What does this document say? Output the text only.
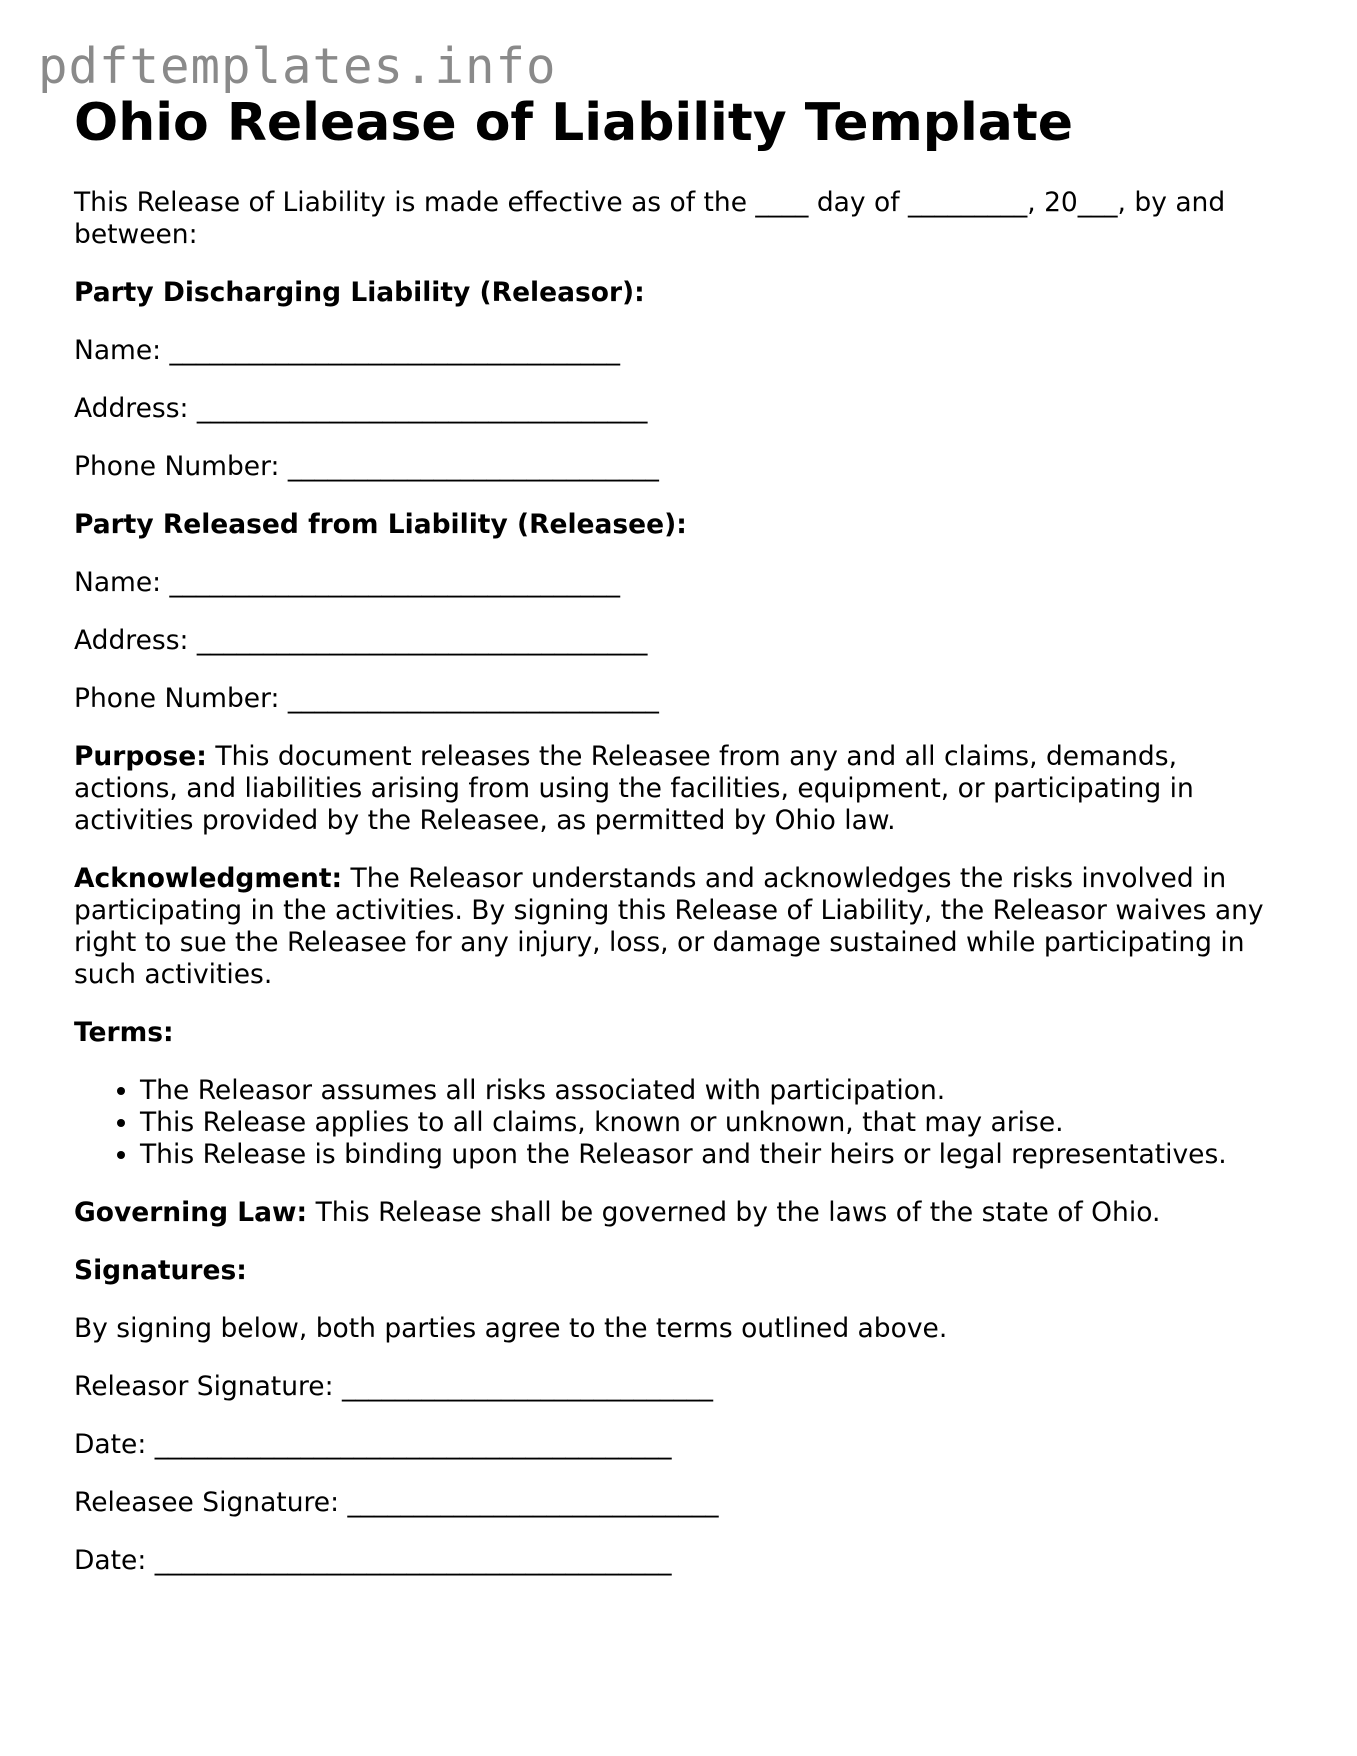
pdftemplates.info
Ohio Release of Liability Template

This Release of Liability is made effective as of the ____ day of _________, 20___, by and between:

Party Discharging Liability (Releasor):

Name: __________________________________

Address: __________________________________

Phone Number: ____________________________

Party Released from Liability (Releasee):

Name: __________________________________

Address: __________________________________

Phone Number: ____________________________

Purpose: This document releases the Releasee from any and all claims, demands, actions, and liabilities arising from using the facilities, equipment, or participating in activities provided by the Releasee, as permitted by Ohio law.

Acknowledgment: The Releasor understands and acknowledges the risks involved in participating in the activities. By signing this Release of Liability, the Releasor waives any right to sue the Releasee for any injury, loss, or damage sustained while participating in such activities.

Terms:

• The Releasor assumes all risks associated with participation.
• This Release applies to all claims, known or unknown, that may arise.
• This Release is binding upon the Releasor and their heirs or legal representatives.

Governing Law: This Release shall be governed by the laws of the state of Ohio.

Signatures:

By signing below, both parties agree to the terms outlined above.

Releasor Signature: ____________________________

Date: _______________________________________

Releasee Signature: ____________________________

Date: _______________________________________
